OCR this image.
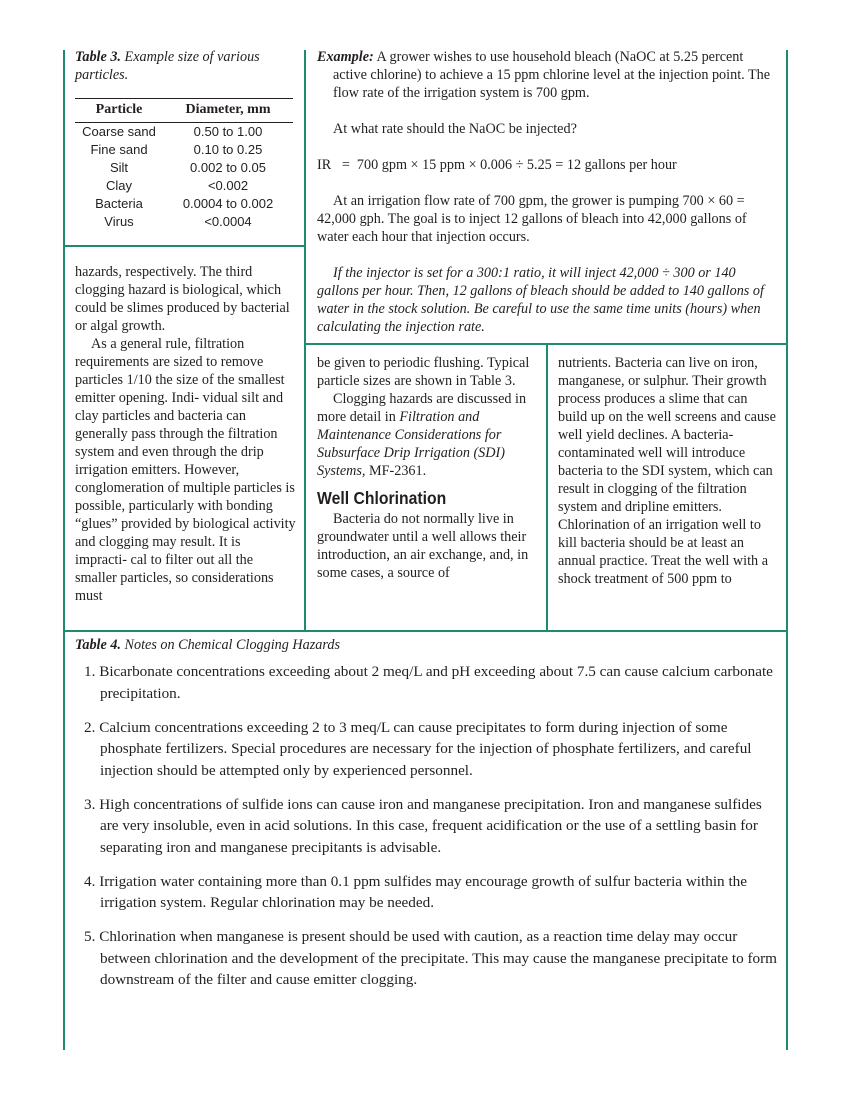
Table 3. Example size of various particles.
Particle	Diameter, mm
Coarse sand	0.50 to 1.00
Fine sand	0.10 to 0.25
Silt	0.002 to 0.05
Clay	<0.002
Bacteria	0.0004 to 0.002
Virus	<0.0004

Example: A grower wishes to use household bleach (NaOC at 5.25 percent active chlorine) to achieve a 15 ppm chlorine level at the injection point. The flow rate of the irrigation system is 700 gpm.

At what rate should the NaOC be injected?

IR   =  700 gpm × 15 ppm × 0.006 ÷ 5.25 = 12 gallons per hour

At an irrigation flow rate of 700 gpm, the grower is pumping 700 × 60 = 42,000 gph. The goal is to inject 12 gallons of bleach into 42,000 gallons of water each hour that injection occurs.

If the injector is set for a 300:1 ratio, it will inject 42,000 ÷ 300 or 140 gallons per hour. Then, 12 gallons of bleach should be added to 140 gallons of water in the stock solution. Be careful to use the same time units (hours) when calculating the injection rate.

hazards, respectively. The third clogging hazard is biological, which could be slimes produced by bacterial or algal growth.

As a general rule, filtration requirements are sized to remove particles 1/10 the size of the smallest emitter opening. Indi- vidual silt and clay particles and bacteria can generally pass through the filtration system and even through the drip irrigation emitters. However, conglomeration of multiple particles is possible, particularly with bonding “glues” provided by biological activity and clogging may result. It is impracti- cal to filter out all the smaller particles, so considerations must

be given to periodic flushing. Typical particle sizes are shown in Table 3.

Clogging hazards are discussed in more detail in Filtration and Maintenance Considerations for Subsurface Drip Irrigation (SDI) Systems, MF-2361.

Well Chlorination

Bacteria do not normally live in groundwater until a well allows their introduction, an air exchange, and, in some cases, a source of

nutrients. Bacteria can live on iron, manganese, or sulphur. Their growth process produces a slime that can build up on the well screens and cause well yield declines. A bacteria-contaminated well will introduce bacteria to the SDI system, which can result in clogging of the filtration system and dripline emitters. Chlorination of an irrigation well to kill bacteria should be at least an annual practice. Treat the well with a shock treatment of 500 ppm to

Table 4. Notes on Chemical Clogging Hazards
1. Bicarbonate concentrations exceeding about 2 meq/L and pH exceeding about 7.5 can cause calcium carbonate precipitation.
2. Calcium concentrations exceeding 2 to 3 meq/L can cause precipitates to form during injection of some phosphate fertilizers. Special procedures are necessary for the injection of phosphate fertilizers, and careful injection should be attempted only by experienced personnel.
3. High concentrations of sulfide ions can cause iron and manganese precipitation. Iron and manganese sulfides are very insoluble, even in acid solutions. In this case, frequent acidification or the use of a settling basin for separating iron and manganese precipitants is advisable.
4. Irrigation water containing more than 0.1 ppm sulfides may encourage growth of sulfur bacteria within the irrigation system. Regular chlorination may be needed.
5. Chlorination when manganese is present should be used with caution, as a reaction time delay may occur between chlorination and the development of the precipitate. This may cause the manganese precipitate to form downstream of the filter and cause emitter clogging.
